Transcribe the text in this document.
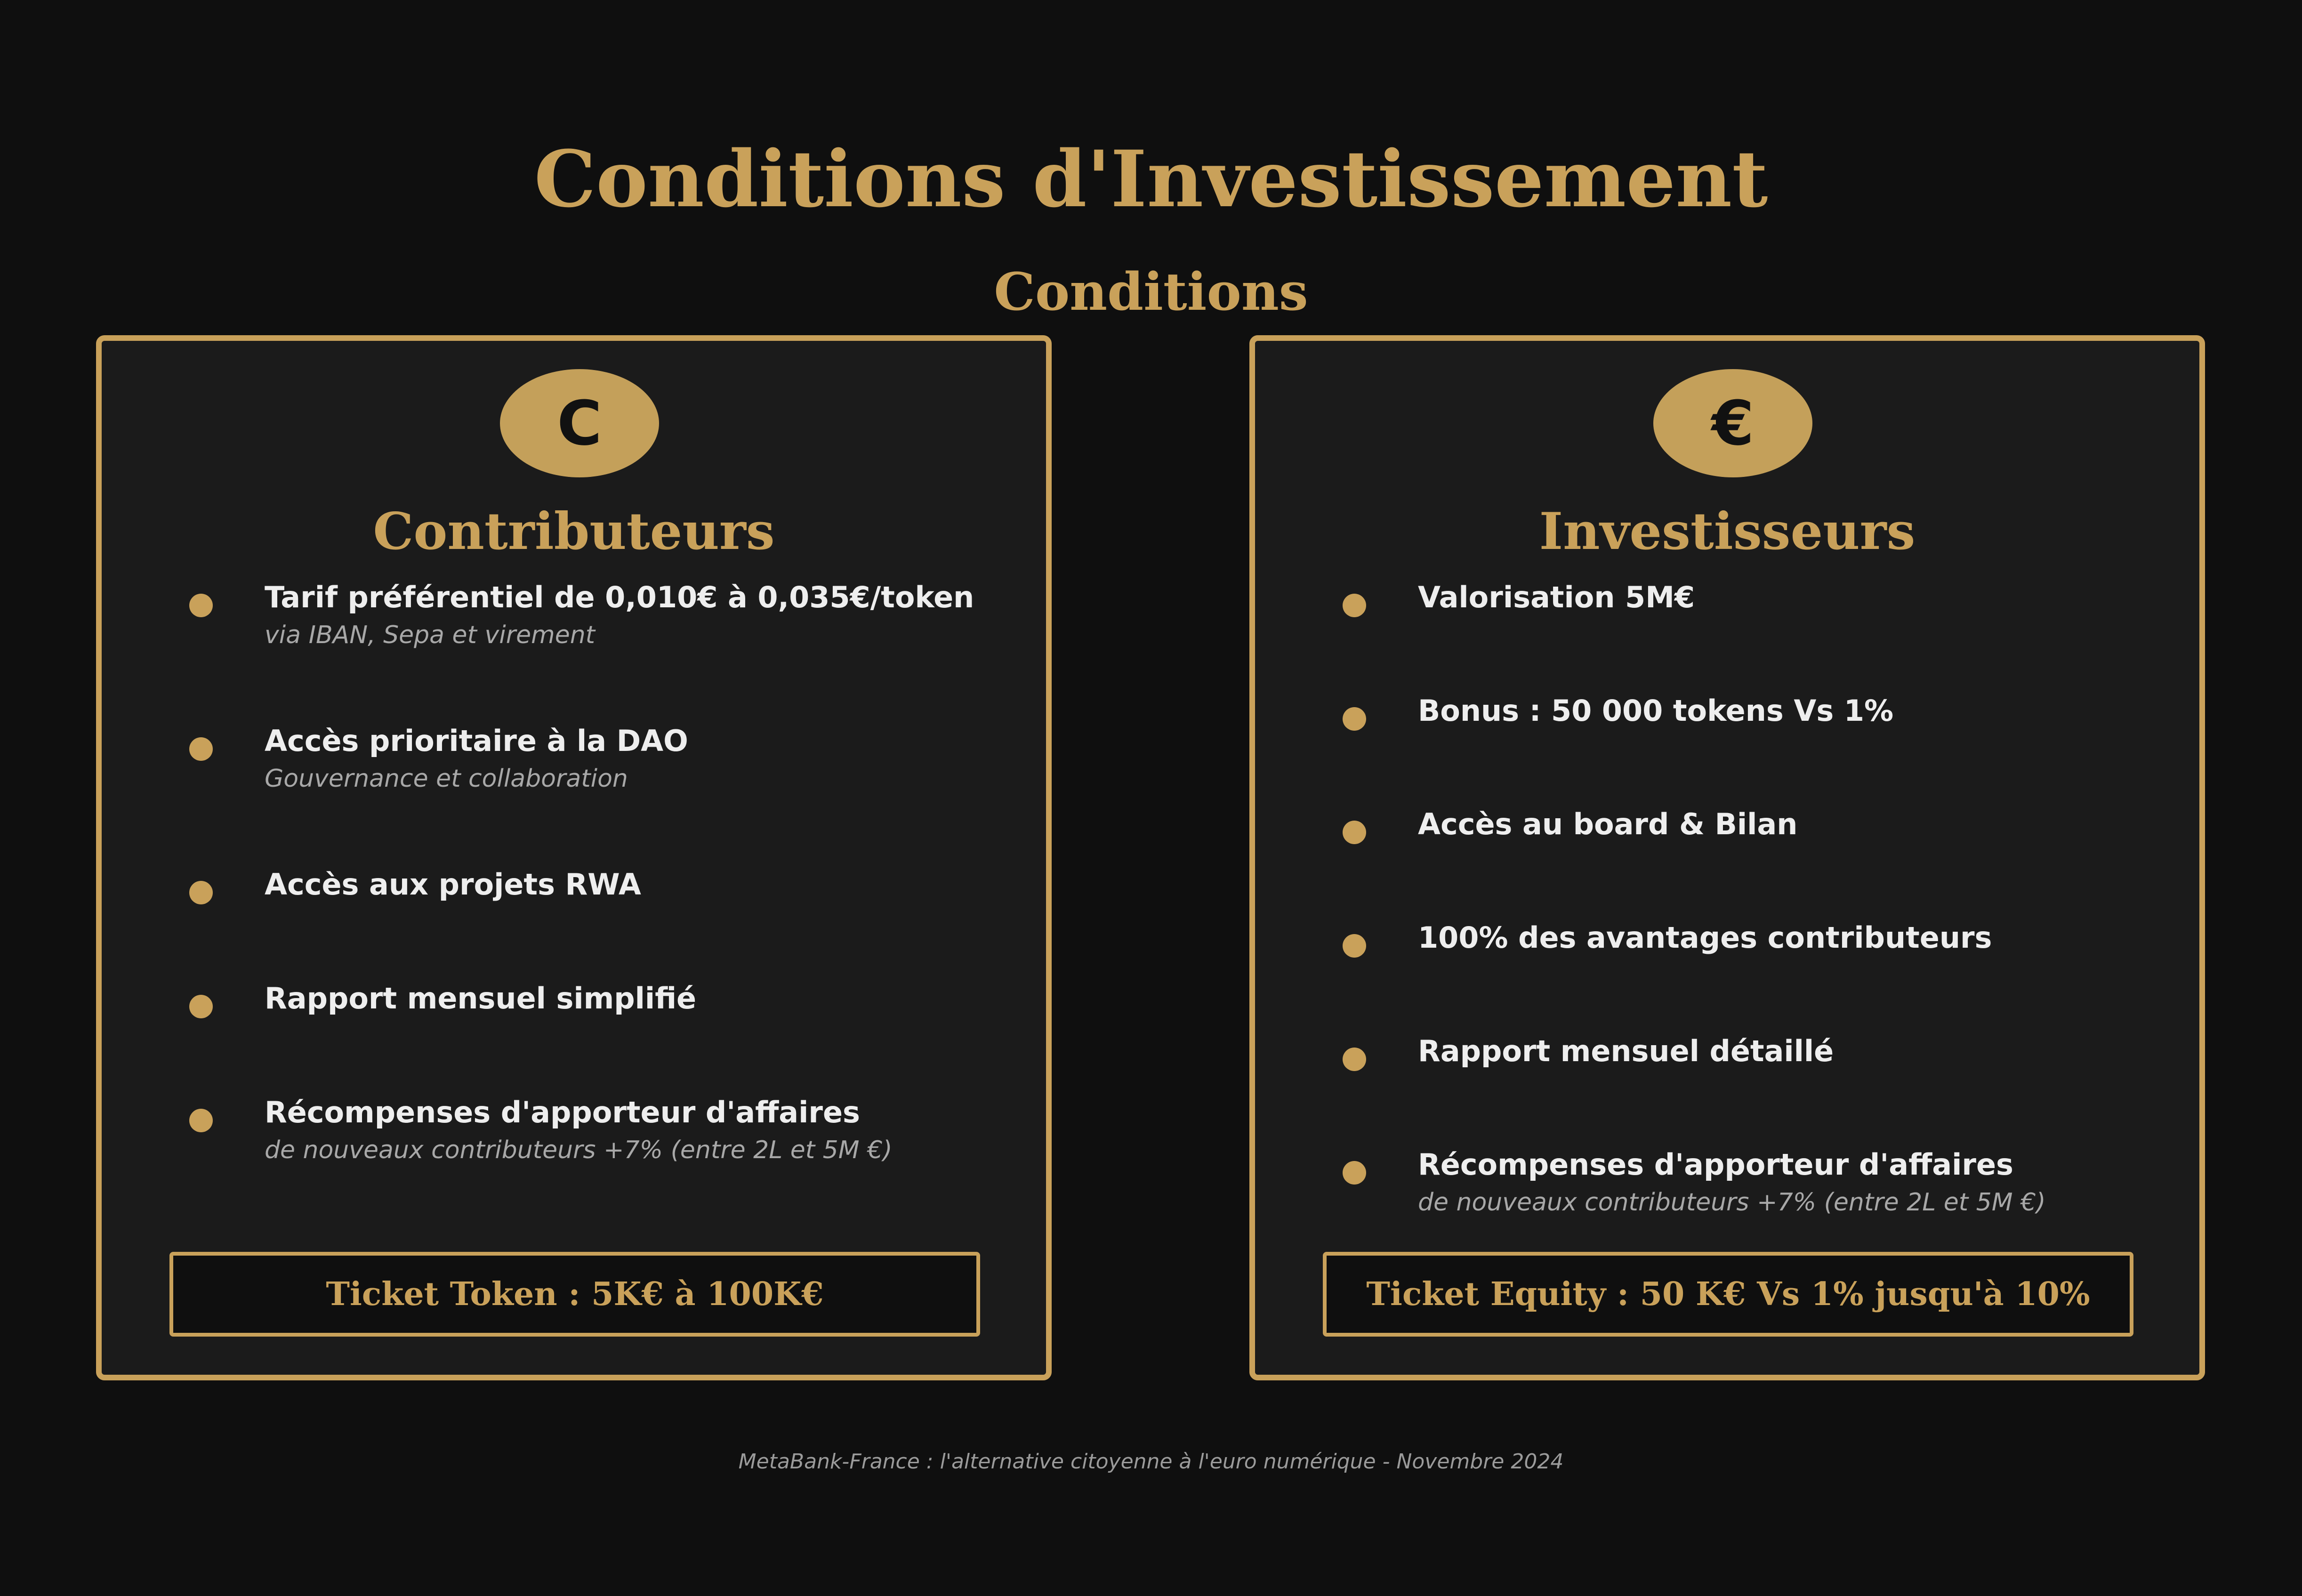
Conditions d'Investissement
Conditions
C
Contributeurs
Tarif préférentiel de 0,010€ à 0,035€/token
via IBAN, Sepa et virement
Accès prioritaire à la DAO
Gouvernance et collaboration
Accès aux projets RWA
Rapport mensuel simplifié
Récompenses d'apporteur d'affaires
de nouveaux contributeurs +7% (entre 2L et 5M €)
Ticket Token : 5K€ à 100K€
€
Investisseurs
Valorisation 5M€
Bonus : 50 000 tokens Vs 1%
Accès au board & Bilan
100% des avantages contributeurs
Rapport mensuel détaillé
Récompenses d'apporteur d'affaires
de nouveaux contributeurs +7% (entre 2L et 5M €)
Ticket Equity : 50 K€ Vs 1% jusqu'à 10%
MetaBank-France : l'alternative citoyenne à l'euro numérique - Novembre 2024
